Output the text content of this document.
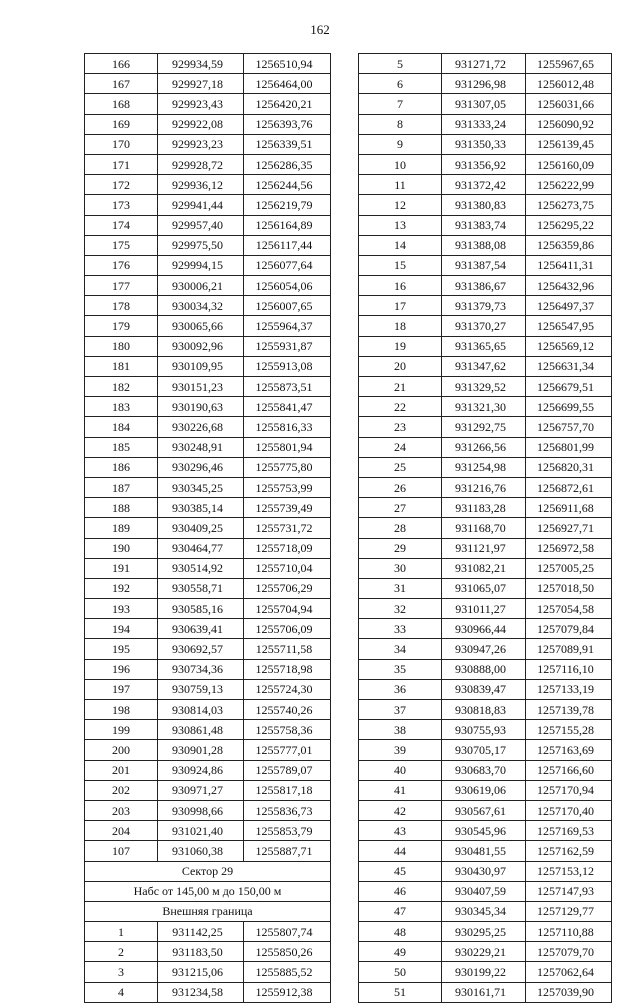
162
166	929934,59	1256510,94
167	929927,18	1256464,00
168	929923,43	1256420,21
169	929922,08	1256393,76
170	929923,23	1256339,51
171	929928,72	1256286,35
172	929936,12	1256244,56
173	929941,44	1256219,79
174	929957,40	1256164,89
175	929975,50	1256117,44
176	929994,15	1256077,64
177	930006,21	1256054,06
178	930034,32	1256007,65
179	930065,66	1255964,37
180	930092,96	1255931,87
181	930109,95	1255913,08
182	930151,23	1255873,51
183	930190,63	1255841,47
184	930226,68	1255816,33
185	930248,91	1255801,94
186	930296,46	1255775,80
187	930345,25	1255753,99
188	930385,14	1255739,49
189	930409,25	1255731,72
190	930464,77	1255718,09
191	930514,92	1255710,04
192	930558,71	1255706,29
193	930585,16	1255704,94
194	930639,41	1255706,09
195	930692,57	1255711,58
196	930734,36	1255718,98
197	930759,13	1255724,30
198	930814,03	1255740,26
199	930861,48	1255758,36
200	930901,28	1255777,01
201	930924,86	1255789,07
202	930971,27	1255817,18
203	930998,66	1255836,73
204	931021,40	1255853,79
107	931060,38	1255887,71
Сектор 29		
Набс от 145,00 м до 150,00 м		
Внешняя граница		
1	931142,25	1255807,74
2	931183,50	1255850,26
3	931215,06	1255885,52
4	931234,58	1255912,38
5	931271,72	1255967,65
6	931296,98	1256012,48
7	931307,05	1256031,66
8	931333,24	1256090,92
9	931350,33	1256139,45
10	931356,92	1256160,09
11	931372,42	1256222,99
12	931380,83	1256273,75
13	931383,74	1256295,22
14	931388,08	1256359,86
15	931387,54	1256411,31
16	931386,67	1256432,96
17	931379,73	1256497,37
18	931370,27	1256547,95
19	931365,65	1256569,12
20	931347,62	1256631,34
21	931329,52	1256679,51
22	931321,30	1256699,55
23	931292,75	1256757,70
24	931266,56	1256801,99
25	931254,98	1256820,31
26	931216,76	1256872,61
27	931183,28	1256911,68
28	931168,70	1256927,71
29	931121,97	1256972,58
30	931082,21	1257005,25
31	931065,07	1257018,50
32	931011,27	1257054,58
33	930966,44	1257079,84
34	930947,26	1257089,91
35	930888,00	1257116,10
36	930839,47	1257133,19
37	930818,83	1257139,78
38	930755,93	1257155,28
39	930705,17	1257163,69
40	930683,70	1257166,60
41	930619,06	1257170,94
42	930567,61	1257170,40
43	930545,96	1257169,53
44	930481,55	1257162,59
45	930430,97	1257153,12
46	930407,59	1257147,93
47	930345,34	1257129,77
48	930295,25	1257110,88
49	930229,21	1257079,70
50	930199,22	1257062,64
51	930161,71	1257039,90
